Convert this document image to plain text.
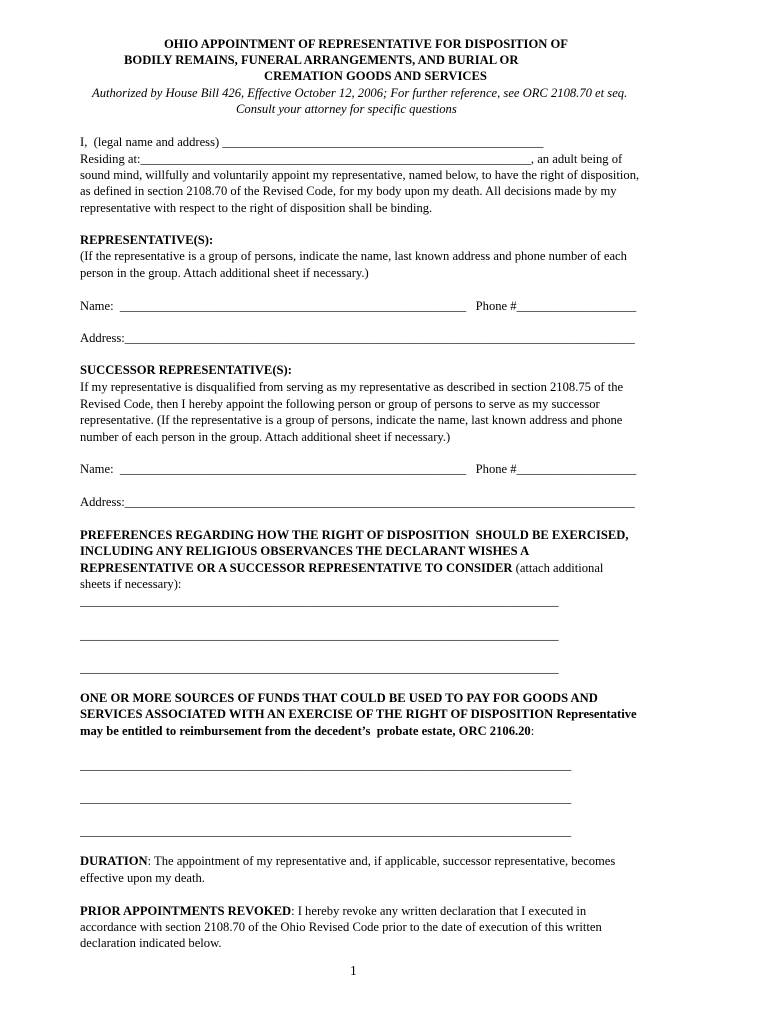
OHIO APPOINTMENT OF REPRESENTATIVE FOR DISPOSITION OF
BODILY REMAINS, FUNERAL ARRANGEMENTS, AND BURIAL OR
CREMATION GOODS AND SERVICES
Authorized by House Bill 426, Effective October 12, 2006; For further reference, see ORC 2108.70 et seq.
Consult your attorney for specific questions
I,  (legal name and address) ___________________________________________________
Residing at:______________________________________________________________, an adult being of
sound mind, willfully and voluntarily appoint my representative, named below, to have the right of disposition,
as defined in section 2108.70 of the Revised Code, for my body upon my death. All decisions made by my
representative with respect to the right of disposition shall be binding.
REPRESENTATIVE(S):
(If the representative is a group of persons, indicate the name, last known address and phone number of each
person in the group. Attach additional sheet if necessary.)
Name:  _______________________________________________________   Phone #___________________
Address:_________________________________________________________________________________
SUCCESSOR REPRESENTATIVE(S):
If my representative is disqualified from serving as my representative as described in section 2108.75 of the
Revised Code, then I hereby appoint the following person or group of persons to serve as my successor
representative. (If the representative is a group of persons, indicate the name, last known address and phone
number of each person in the group. Attach additional sheet if necessary.)
Name:  _______________________________________________________   Phone #___________________
Address:_________________________________________________________________________________
PREFERENCES REGARDING HOW THE RIGHT OF DISPOSITION  SHOULD BE EXERCISED,
INCLUDING ANY RELIGIOUS OBSERVANCES THE DECLARANT WISHES A
REPRESENTATIVE OR A SUCCESSOR REPRESENTATIVE TO CONSIDER (attach additional
sheets if necessary):
____________________________________________________________________________
____________________________________________________________________________
____________________________________________________________________________
ONE OR MORE SOURCES OF FUNDS THAT COULD BE USED TO PAY FOR GOODS AND
SERVICES ASSOCIATED WITH AN EXERCISE OF THE RIGHT OF DISPOSITION Representative
may be entitled to reimbursement from the decedent’s  probate estate, ORC 2106.20:
______________________________________________________________________________
______________________________________________________________________________
______________________________________________________________________________
DURATION: The appointment of my representative and, if applicable, successor representative, becomes
effective upon my death.
PRIOR APPOINTMENTS REVOKED: I hereby revoke any written declaration that I executed in
accordance with section 2108.70 of the Ohio Revised Code prior to the date of execution of this written
declaration indicated below.
1
